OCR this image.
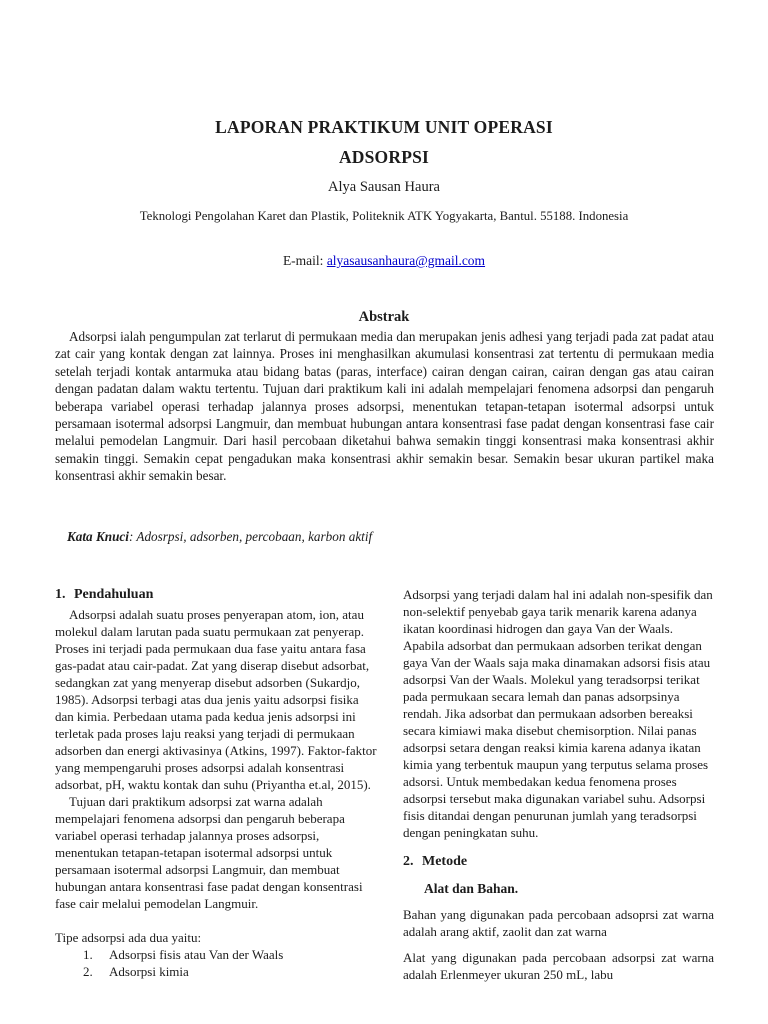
LAPORAN PRAKTIKUM UNIT OPERASI
ADSORPSI
Alya Sausan Haura
Teknologi Pengolahan Karet dan Plastik, Politeknik ATK Yogyakarta, Bantul. 55188. Indonesia
E-mail: alyasausanhaura@gmail.com
Abstrak

Adsorpsi ialah pengumpulan zat terlarut di permukaan media dan merupakan jenis adhesi yang terjadi pada zat padat atau zat cair yang kontak dengan zat lainnya. Proses ini menghasilkan akumulasi konsentrasi zat tertentu di permukaan media setelah terjadi kontak antarmuka atau bidang batas (paras, interface) cairan dengan cairan, cairan dengan gas atau cairan dengan padatan dalam waktu tertentu. Tujuan dari praktikum kali ini adalah mempelajari fenomena adsorpsi dan pengaruh beberapa variabel operasi terhadap jalannya proses adsorpsi, menentukan tetapan-tetapan isotermal adsorpsi untuk persamaan isotermal adsorpsi Langmuir, dan membuat hubungan antara konsentrasi fase padat dengan konsentrasi fase cair melalui pemodelan Langmuir. Dari hasil percobaan diketahui bahwa semakin tinggi konsentrasi maka konsentrasi akhir semakin tinggi. Semakin cepat pengadukan maka konsentrasi akhir semakin besar. Semakin besar ukuran partikel maka konsentrasi akhir semakin besar.

Kata Knuci: Adosrpsi, adsorben, percobaan, karbon aktif

1. Pendahuluan

Adsorpsi adalah suatu proses penyerapan atom, ion, atau molekul dalam larutan pada suatu permukaan zat penyerap. Proses ini terjadi pada permukaan dua fase yaitu antara fasa gas-padat atau cair-padat. Zat yang diserap disebut adsorbat, sedangkan zat yang menyerap disebut adsorben (Sukardjo, 1985). Adsorpsi terbagi atas dua jenis yaitu adsorpsi fisika dan kimia. Perbedaan utama pada kedua jenis adsorpsi ini terletak pada proses laju reaksi yang terjadi di permukaan adsorben dan energi aktivasinya (Atkins, 1997). Faktor-faktor yang mempengaruhi proses adsorpsi adalah konsentrasi adsorbat, pH, waktu kontak dan suhu (Priyantha et.al, 2015).

Tujuan dari praktikum adsorpsi zat warna adalah mempelajari fenomena adsorpsi dan pengaruh beberapa variabel operasi terhadap jalannya proses adsorpsi, menentukan tetapan-tetapan isotermal adsorpsi untuk persamaan isotermal adsorpsi Langmuir, dan membuat hubungan antara konsentrasi fase padat dengan konsentrasi fase cair melalui pemodelan Langmuir.

Tipe adsorpsi ada dua yaitu:

1. Adsorpsi fisis atau Van der Waals
2. Adsorpsi kimia

Adsorpsi yang terjadi dalam hal ini adalah non-spesifik dan non-selektif penyebab gaya tarik menarik karena adanya ikatan koordinasi hidrogen dan gaya Van der Waals. Apabila adsorbat dan permukaan adsorben terikat dengan gaya Van der Waals saja maka dinamakan adsorsi fisis atau adsorpsi Van der Waals. Molekul yang teradsorpsi terikat pada permukaan secara lemah dan panas adsorpsinya rendah. Jika adsorbat dan permukaan adsorben bereaksi secara kimiawi maka disebut chemisorption. Nilai panas adsorpsi setara dengan reaksi kimia karena adanya ikatan kimia yang terbentuk maupun yang terputus selama proses adsorsi. Untuk membedakan kedua fenomena proses adsorpsi tersebut maka digunakan variabel suhu. Adsorpsi fisis ditandai dengan penurunan jumlah yang teradsorpsi dengan peningkatan suhu.

2. Metode
Alat dan Bahan.

Bahan yang digunakan pada percobaan adsoprsi zat warna adalah arang aktif, zaolit dan zat warna

Alat yang digunakan pada percobaan adsorpsi zat warna adalah Erlenmeyer ukuran 250 mL, labu
